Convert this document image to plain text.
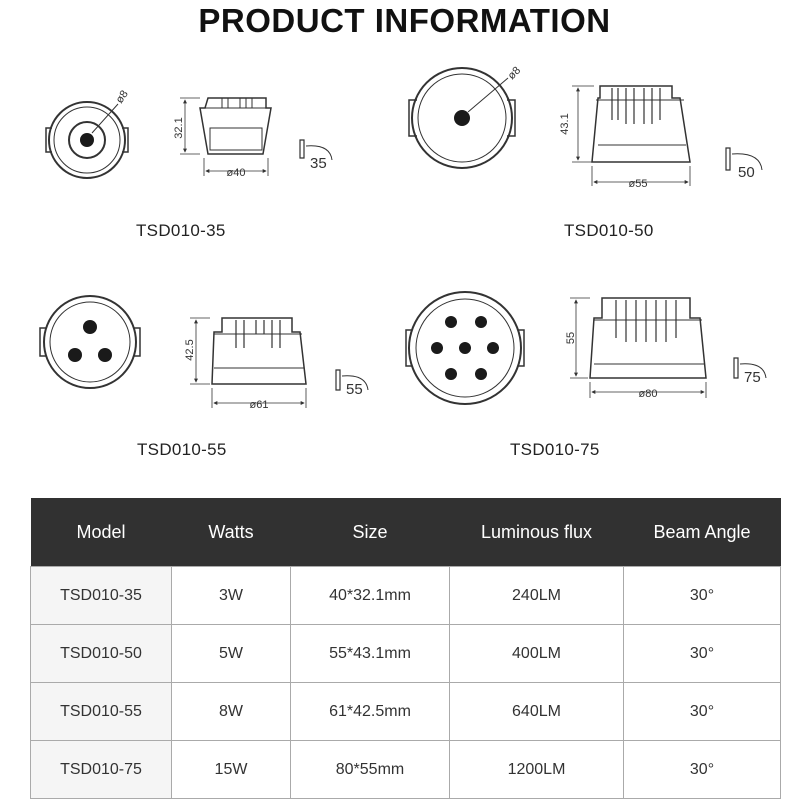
PRODUCT INFORMATION
ø8
32.1
ø40
35
ø8
43.1
ø55
50
42.5
ø61
55
55
ø80
75
TSD010-35	TSD010-50
TSD010-55	TSD010-75
Model	Watts	Size	Luminous flux	Beam Angle
TSD010-35	3W	40*32.1mm	240LM	30°
TSD010-50	5W	55*43.1mm	400LM	30°
TSD010-55	8W	61*42.5mm	640LM	30°
TSD010-75	15W	80*55mm	1200LM	30°
